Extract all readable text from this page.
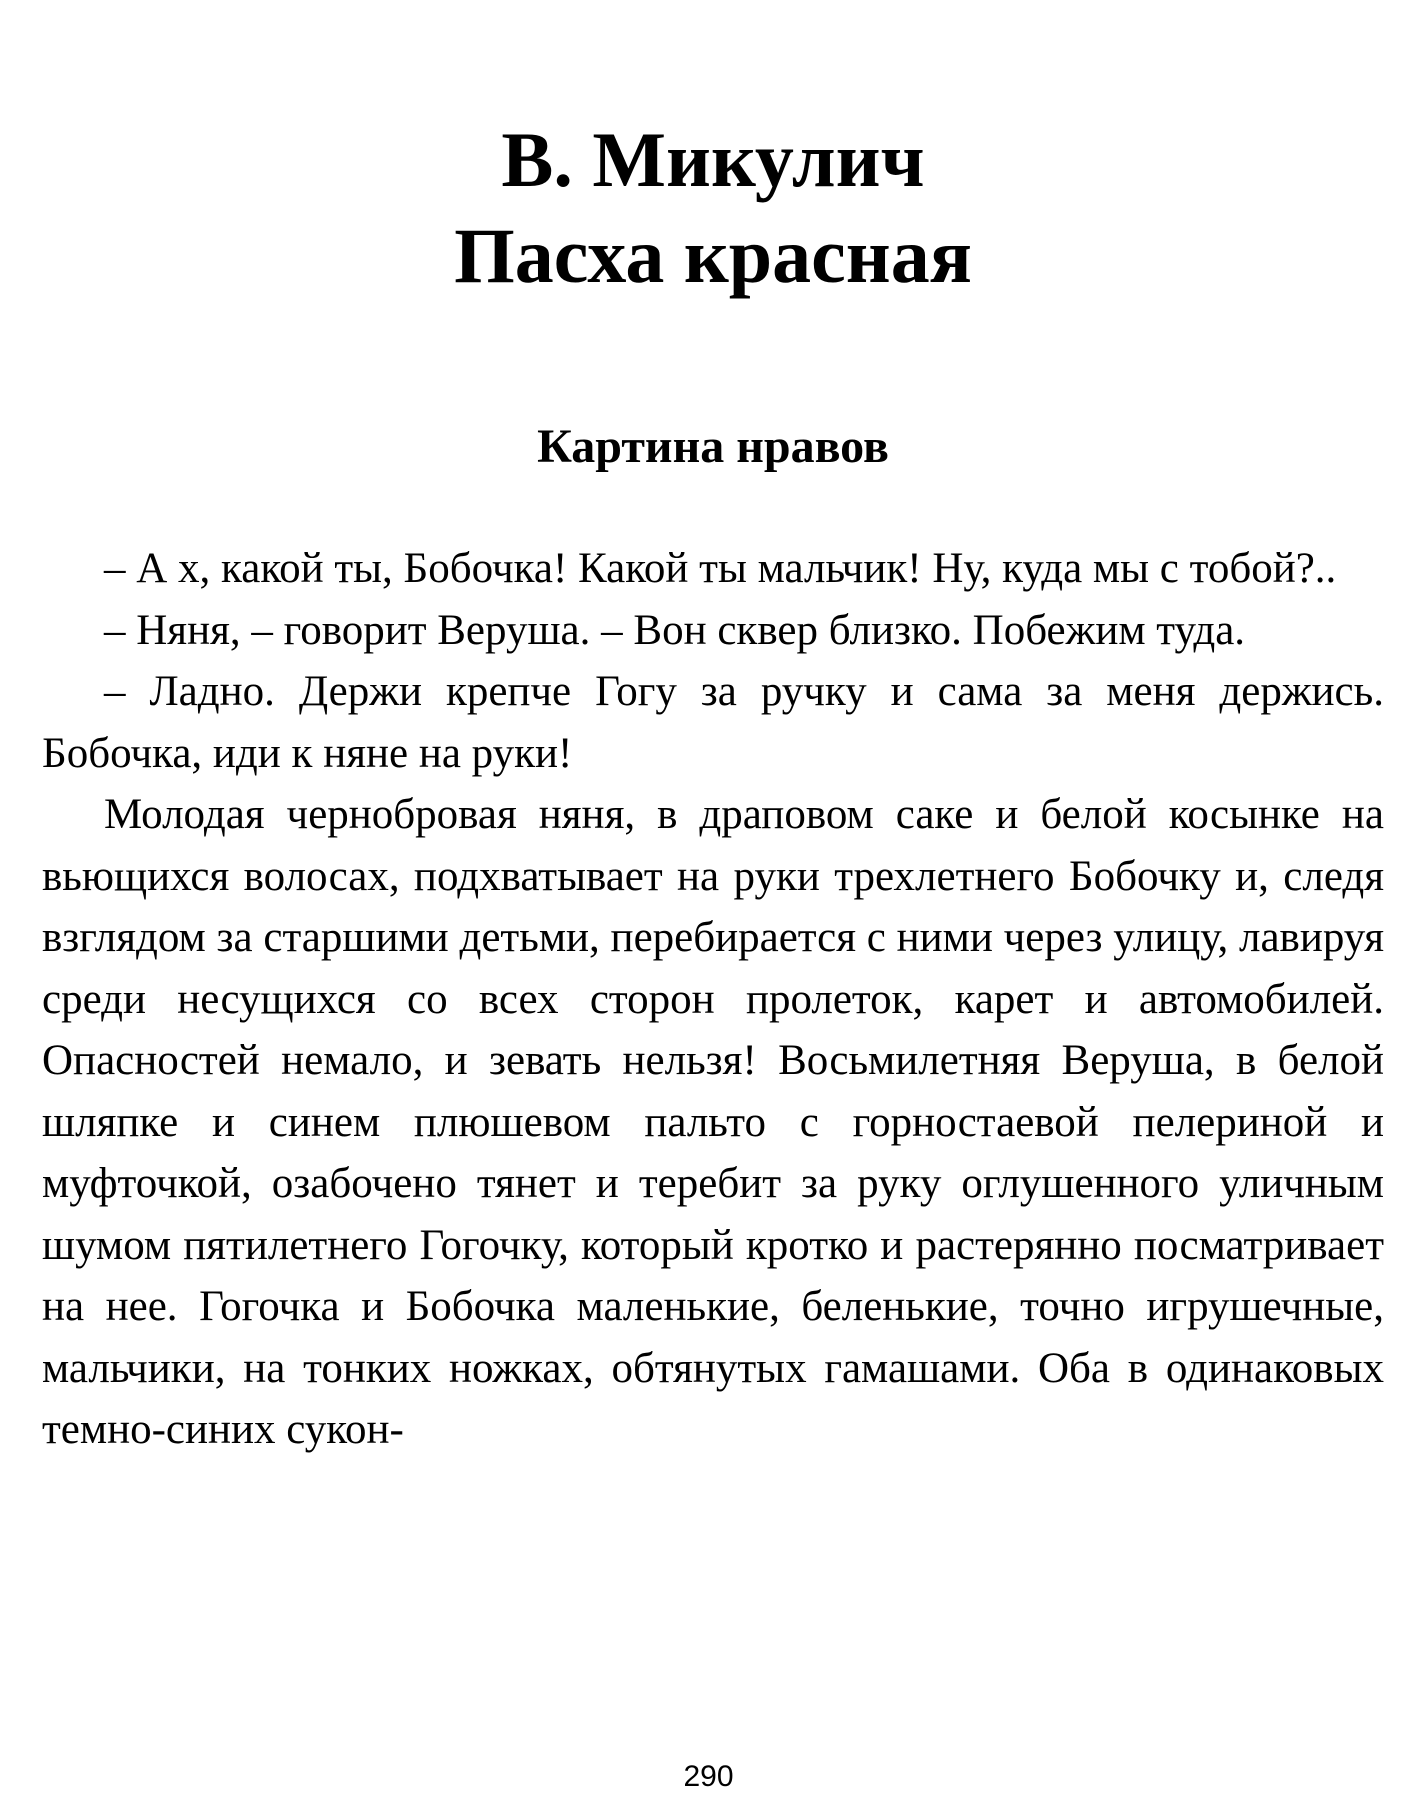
В. Микулич
Пасха красная
Картина нравов

– А х, какой ты, Бобочка! Какой ты мальчик! Ну, куда мы с тобой?..

– Няня, – говорит Веруша. – Вон сквер близко. Побежим туда.

– Ладно. Держи крепче Гогу за ручку и сама за меня держись. Бобочка, иди к няне на руки!

Молодая чернобровая няня, в драповом саке и белой косынке на вьющихся волосах, подхватывает на руки трехлетнего Бобочку и, следя взглядом за старшими детьми, перебирается с ними через улицу, лавируя среди несущихся со всех сторон пролеток, карет и автомобилей. Опасностей немало, и зевать нельзя! Восьмилетняя Веруша, в белой шляпке и синем плюшевом пальто с горностаевой пелериной и муфточкой, озабочено тянет и теребит за руку оглушенного уличным шумом пятилетнего Гогочку, который кротко и растерянно посматривает на нее. Гогочка и Бобочка маленькие, беленькие, точно игрушечные, мальчики, на тонких ножках, обтянутых гамашами. Оба в одинаковых темно-синих сукон-

290
